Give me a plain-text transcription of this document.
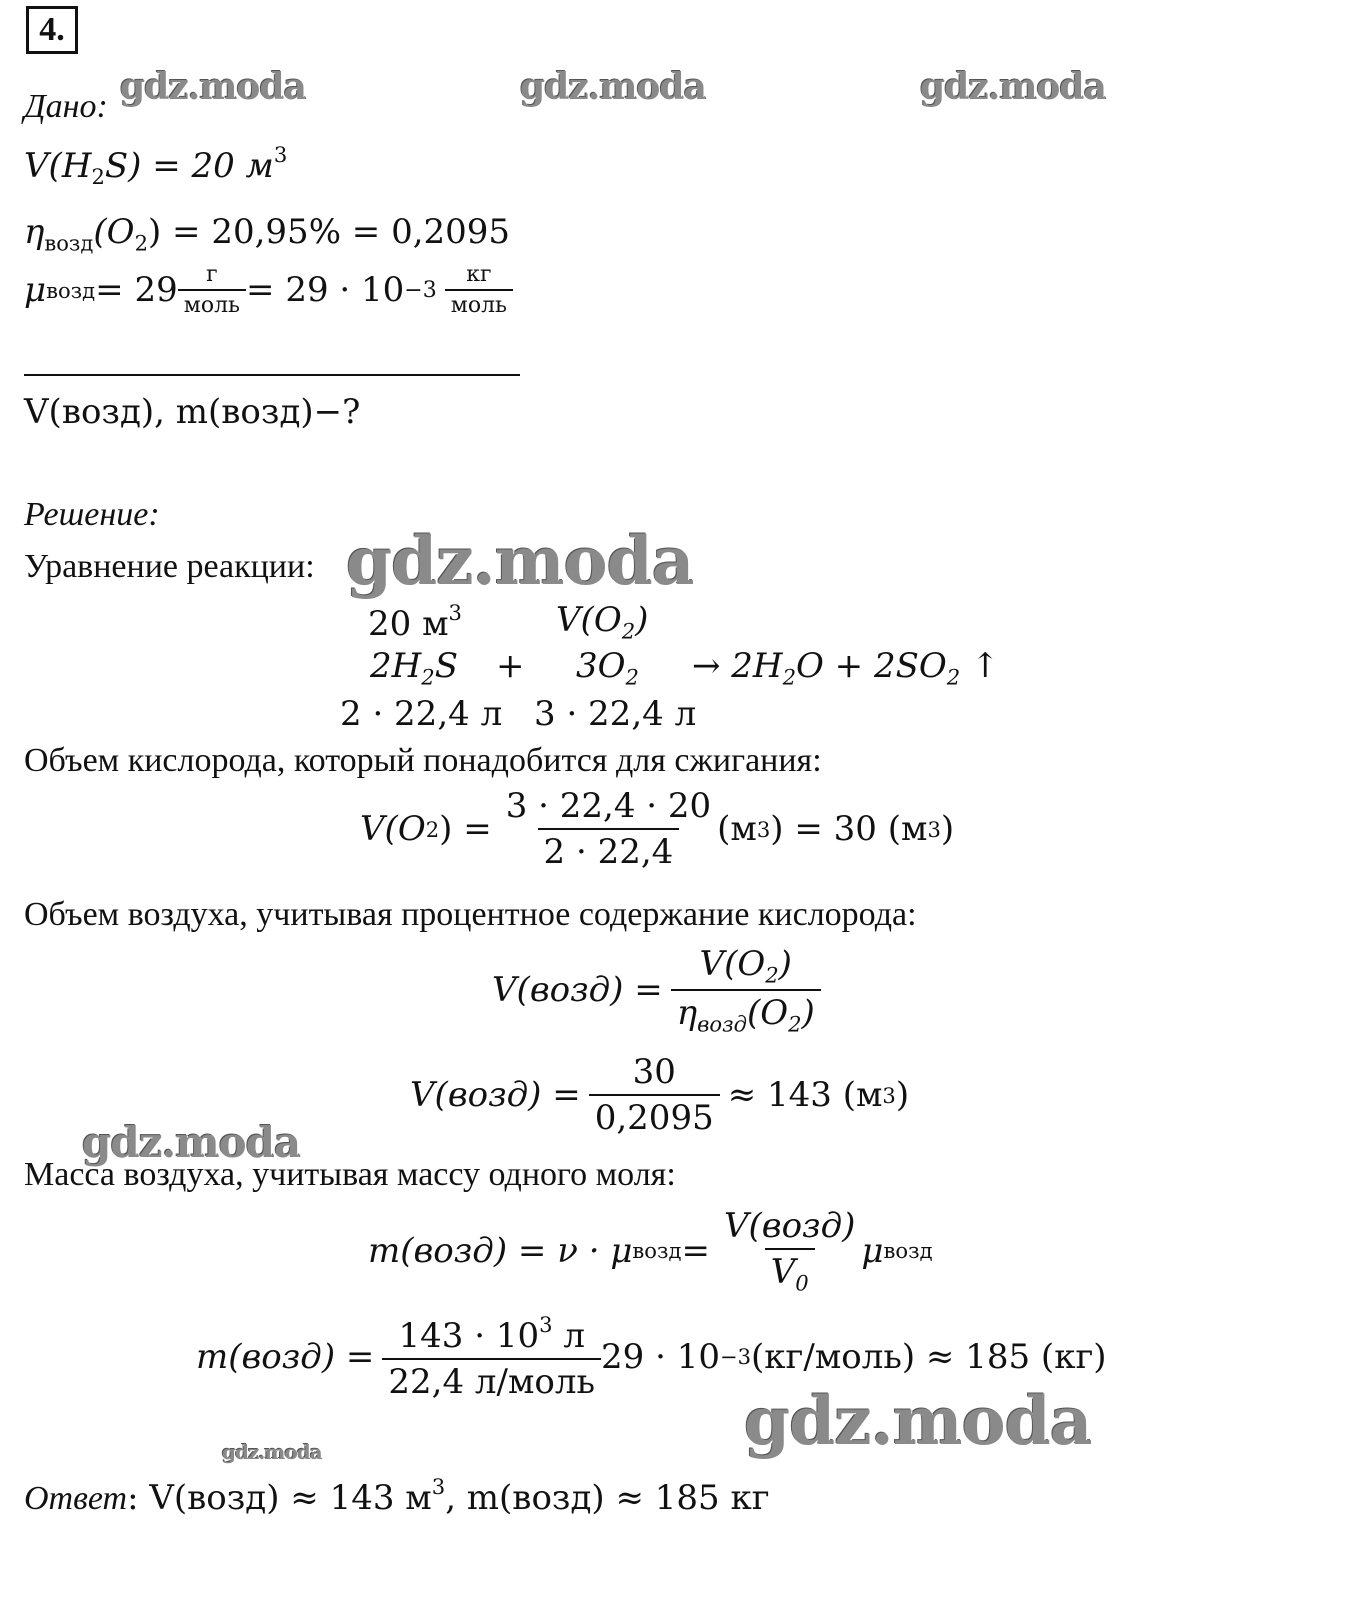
4.
gdz.moda	gdz.moda	gdz.moda
gdz.moda
gdz.moda
gdz.moda
gdz.moda
Дано:
$V(H_2S) = 20$ $м^3$
$\eta_{возд}(O_2) = 20,95\% = 0,2095$
μ возд = $29 \frac{г}{\text{моль}} = 29 \cdot 10 -3 \frac{кг}{\text{моль}}$
V(возд), m(возд)−?
Решение:
Уравнение реакции:
20 $м^3$	$V(O_2)$
$2H_2S + 3O_2 \to 2H_2O + 2SO_2$ ↑
2 · 22,4 л 3 · 22,4 л
Объем кислорода, который понадобится для сжигания:
V(O 2 ) = $\frac{3 \cdot 22,4 \cdot 20}{2 \cdot 22,4} (м$ 3 ) = 30 (м 3 )
Объем воздуха, учитывая процентное содержание кислорода:
V(возд) = $\frac{V(O_2)}{\eta_{возд}(O_2)}$
V(возд) = $\frac{30}{0,2095} \approx 143$ (м 3 )
Масса воздуха, учитывая массу одного моля:
m(возд) = ν · μ возд = $\frac{\text{V(возд)}}{V_0}$ μ возд
m(возд) = $\frac{143 \cdot 10^3 л}{\text{22,4 л/моль}} 29 \cdot 10 -3$ (кг/моль) ≈ 185 (кг)
Ответ: V(возд) ≈ 143 $м^3$, m(возд) ≈ 185 кг
